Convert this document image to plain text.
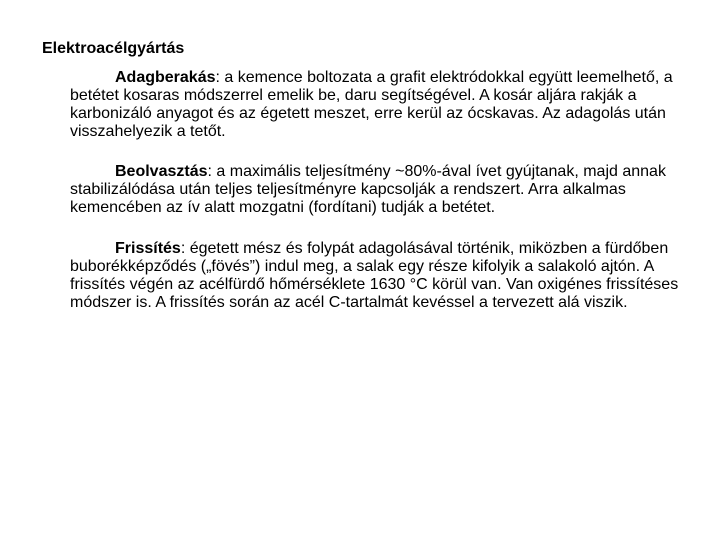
Elektroacélgyártás

Adagberakás: a kemence boltozata a grafit elektródokkal együtt leemelhető, a betétet kosaras módszerrel emelik be, daru segítségével. A kosár aljára rakják a karbonizáló anyagot és az égetett meszet, erre kerül az ócskavas. Az adagolás után visszahelyezik a tetőt.

Beolvasztás: a maximális teljesítmény ~80%-ával ívet gyújtanak, majd annak stabilizálódása után teljes teljesítményre kapcsolják a rendszert. Arra alkalmas kemencében az ív alatt mozgatni (fordítani) tudják a betétet.

Frissítés: égetett mész és folypát adagolásával történik, miközben a fürdőben buborékképződés („fövés”) indul meg, a salak egy része kifolyik a salakoló ajtón. A frissítés végén az acélfürdő hőmérséklete 1630 °C körül van. Van oxigénes frissítéses módszer is. A frissítés során az acél C-tartalmát kevéssel a tervezett alá viszik.
